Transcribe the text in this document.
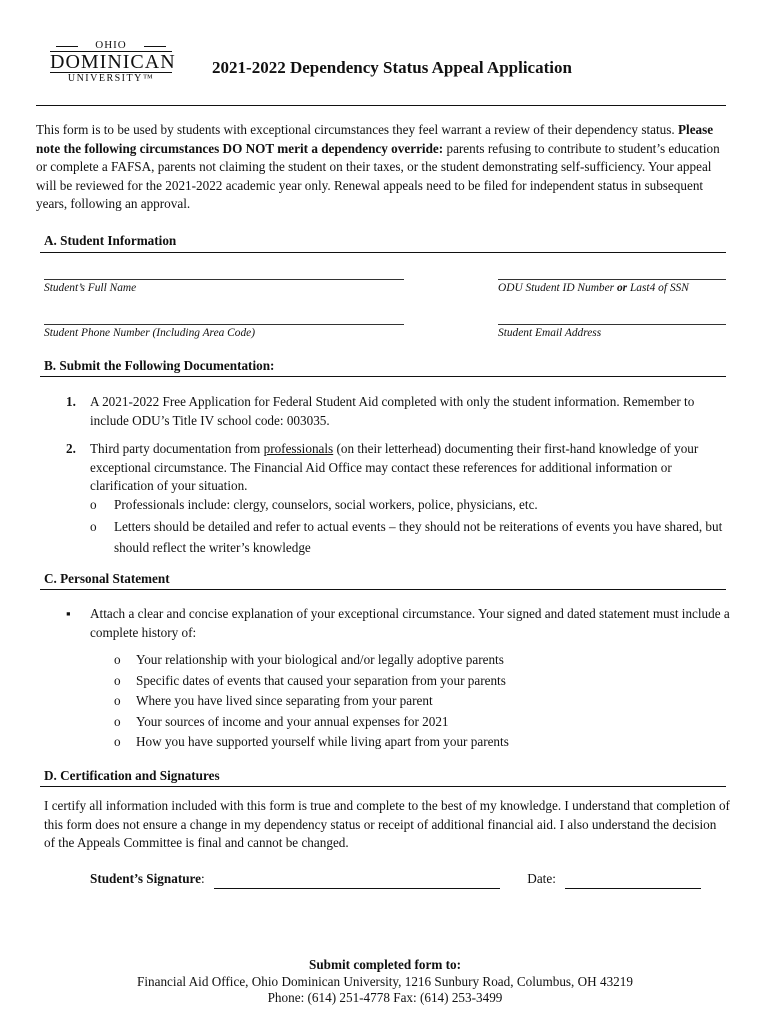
OHIO
DOMINICAN
UNIVERSITY™
2021-2022 Dependency Status Appeal Application
This form is to be used by students with exceptional circumstances they feel warrant a review of their dependency status. Please note the following circumstances DO NOT merit a dependency override: parents refusing to contribute to student’s education or complete a FAFSA, parents not claiming the student on their taxes, or the student demonstrating self-sufficiency. Your appeal will be reviewed for the 2021-2022 academic year only. Renewal appeals need to be filed for independent status in subsequent years, following an approval.
A. Student Information
Student’s Full Name	ODU Student ID Number or Last4 of SSN
Student Phone Number (Including Area Code)	Student Email Address
B. Submit the Following Documentation:
1. A 2021-2022 Free Application for Federal Student Aid completed with only the student information. Remember to include ODU’s Title IV school code: 003035.
2. Third party documentation from professionals (on their letterhead) documenting their first-hand knowledge of your exceptional circumstance. The Financial Aid Office may contact these references for additional information or clarification of your situation.
o Professionals include: clergy, counselors, social workers, police, physicians, etc.
o Letters should be detailed and refer to actual events – they should not be reiterations of events you have shared, but should reflect the writer’s knowledge
C. Personal Statement
▪ Attach a clear and concise explanation of your exceptional circumstance. Your signed and dated statement must include a complete history of:
o Your relationship with your biological and/or legally adoptive parents
o Specific dates of events that caused your separation from your parents
o Where you have lived since separating from your parent
o Your sources of income and your annual expenses for 2021
o How you have supported yourself while living apart from your parents
D. Certification and Signatures
I certify all information included with this form is true and complete to the best of my knowledge. I understand that completion of this form does not ensure a change in my dependency status or receipt of additional financial aid. I also understand the decision of the Appeals Committee is final and cannot be changed.
Student’s Signature:	Date:
Submit completed form to:
Financial Aid Office, Ohio Dominican University, 1216 Sunbury Road, Columbus, OH 43219
Phone: (614) 251-4778 Fax: (614) 253-3499
